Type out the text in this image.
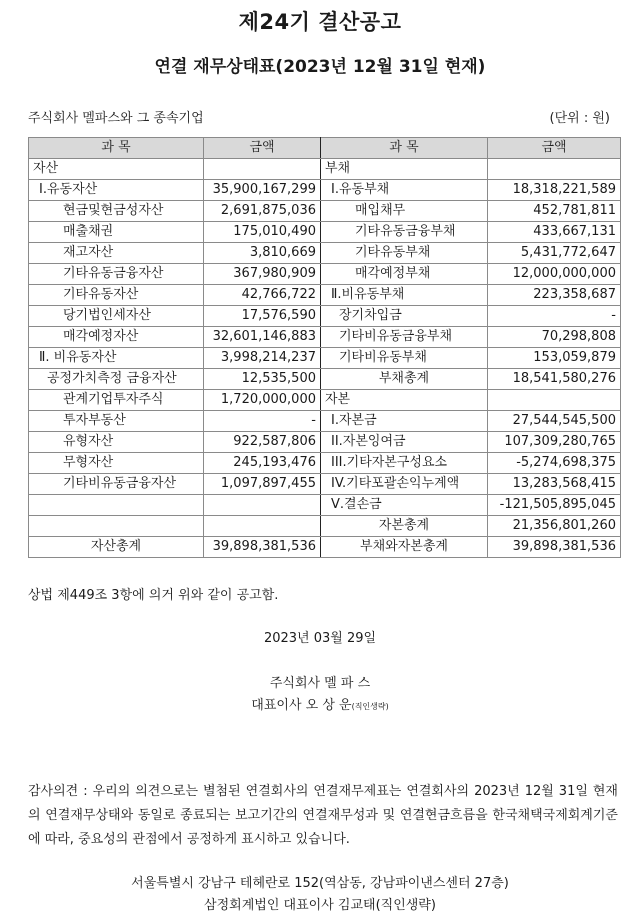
제24기 결산공고
연결 재무상태표(2023년 12월 31일 현재)
주식회사 멜파스와 그 종속기업	(단위 : 원)
과 목	금액	과 목	금액
자산		부채	
Ⅰ.유동자산	35,900,167,299	Ⅰ.유동부채	18,318,221,589
현금및현금성자산	2,691,875,036	매입채무	452,781,811
매출채권	175,010,490	기타유동금융부채	433,667,131
재고자산	3,810,669	기타유동부채	5,431,772,647
기타유동금융자산	367,980,909	매각예정부채	12,000,000,000
기타유동자산	42,766,722	Ⅱ.비유동부채	223,358,687
당기법인세자산	17,576,590	장기차입금	-
매각예정자산	32,601,146,883	기타비유동금융부채	70,298,808
Ⅱ. 비유동자산	3,998,214,237	기타비유동부채	153,059,879
공정가치측정 금융자산	12,535,500	부채총계	18,541,580,276
관계기업투자주식	1,720,000,000	자본	
투자부동산	-	Ⅰ.자본금	27,544,545,500
유형자산	922,587,806	II.자본잉여금	107,309,280,765
무형자산	245,193,476	III.기타자본구성요소	-5,274,698,375
기타비유동금융자산	1,097,897,455	IV.기타포괄손익누계액	13,283,568,415
		Ⅴ.결손금	-121,505,895,045
		자본총계	21,356,801,260
자산총계	39,898,381,536	부채와자본총계	39,898,381,536
상법 제449조 3항에 의거 위와 같이 공고함.
2023년 03월 29일
주식회사 멜 파 스
대표이사 오 상 운(직인생략)
감사의견 : 우리의 의견으로는 별첨된 연결회사의 연결재무제표는 연결회사의 2023년 12월 31일 현재의 연결재무상태와 동일로 종료되는 보고기간의 연결재무성과 및 연결현금흐름을 한국채택국제회계기준에 따라, 중요성의 관점에서 공정하게 표시하고 있습니다.
서울특별시 강남구 테헤란로 152(역삼동, 강남파이낸스센터 27층)
삼정회계법인 대표이사 김교태(직인생략)
